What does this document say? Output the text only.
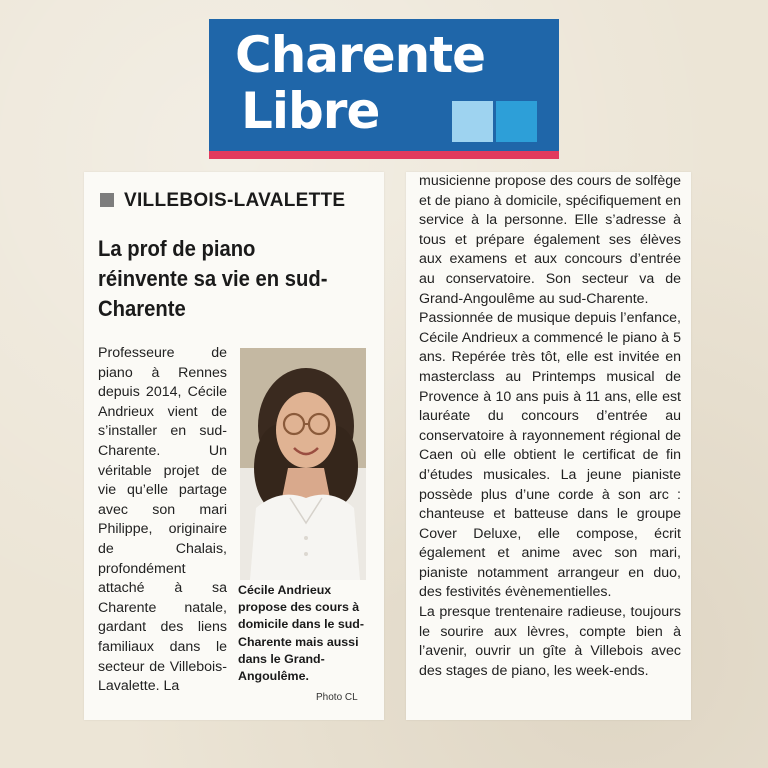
Charente
Libre
VILLEBOIS-LAVALETTE
La prof de piano réinvente sa vie en sud-Charente
Professeure de piano à Rennes depuis 2014, Cécile Andrieux vient de s’installer en sud-Charente. Un véritable projet de vie qu’elle partage avec son mari Philippe, originaire de Chalais, profondément attaché à sa Charente natale, gardant des liens familiaux dans le secteur de Villebois-Lavalette. La
Cécile Andrieux propose des cours à domicile dans le sud-Charente mais aussi dans le Grand-Angoulême.
Photo CL

musicienne propose des cours de solfège et de piano à domicile, spécifiquement en service à la personne. Elle s’adresse à tous et prépare également ses élèves aux examens et aux concours d’entrée au conservatoire. Son secteur va de Grand-Angoulême au sud-Charente.

Passionnée de musique depuis l’enfance, Cécile Andrieux a commencé le piano à 5 ans. Repérée très tôt, elle est invitée en masterclass au Printemps musical de Provence à 10 ans puis à 11 ans, elle est lauréate du concours d’entrée au conservatoire à rayonnement régional de Caen où elle obtient le certificat de fin d’études musicales. La jeune pianiste possède plus d’une corde à son arc : chanteuse et batteuse dans le groupe Cover Deluxe, elle compose, écrit également et anime avec son mari, pianiste notamment arrangeur en duo, des festivités évènementielles.

La presque trentenaire radieuse, toujours le sourire aux lèvres, compte bien à l’avenir, ouvrir un gîte à Villebois avec des stages de piano, les week-ends.
